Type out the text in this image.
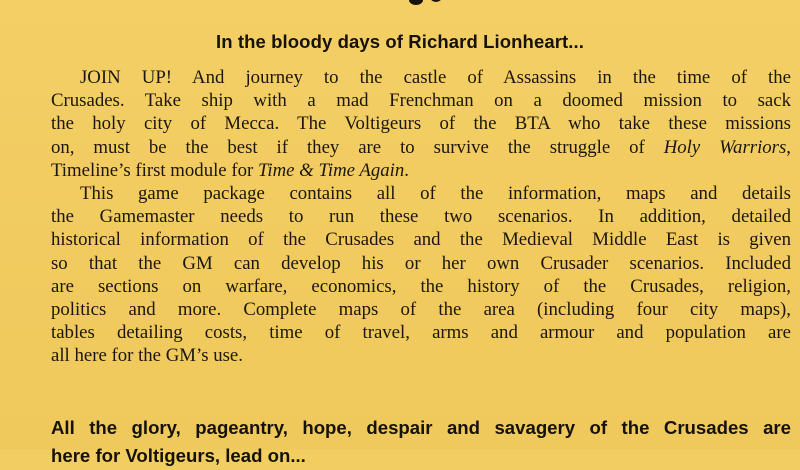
In the bloody days of Richard Lionheart...
JOIN UP! And journey to the castle of Assassins in the time of the
Crusades. Take ship with a mad Frenchman on a doomed mission to sack
the holy city of Mecca. The Voltigeurs of the BTA who take these missions
on, must be the best if they are to survive the struggle of Holy Warriors,
Timeline’s first module for Time & Time Again.
This game package contains all of the information, maps and details
the Gamemaster needs to run these two scenarios. In addition, detailed
historical information of the Crusades and the Medieval Middle East is given
so that the GM can develop his or her own Crusader scenarios. Included
are sections on warfare, economics, the history of the Crusades, religion,
politics and more. Complete maps of the area (including four city maps),
tables detailing costs, time of travel, arms and armour and population are
all here for the GM’s use.
All the glory, pageantry, hope, despair and savagery of the Crusades are
here for Voltigeurs, lead on...
